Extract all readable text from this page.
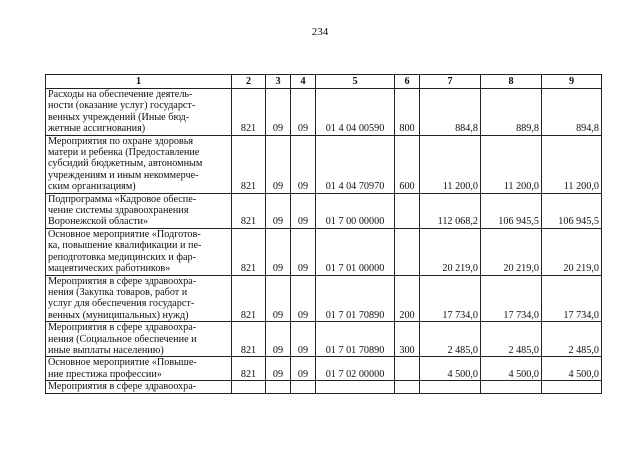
234
1	2	3	4	5	6	7	8	9

Расходы на обеспечение деятель-
ности (оказание услуг) государст-
венных учреждений (Иные бюд-
жетные ассигнования)	821	09	09	01 4 04 00590	800	884,8	889,8	894,8

Мероприятия по охране здоровья
матери и ребенка (Предоставление
субсидий бюджетным, автономным
учреждениям и иным некоммерче-
ским организациям)	821	09	09	01 4 04 70970	600	11 200,0	11 200,0	11 200,0

Подпрограмма «Кадровое обеспе-
чение системы здравоохранения
Воронежской области»	821	09	09	01 7 00 00000		112 068,2	106 945,5	106 945,5

Основное мероприятие «Подготов-
ка, повышение квалификации и пе-
реподготовка медицинских и фар-
мацевтических работников»	821	09	09	01 7 01 00000		20 219,0	20 219,0	20 219,0

Мероприятия в сфере здравоохра-
нения (Закупка товаров, работ и
услуг для обеспечения государст-
венных (муниципальных) нужд)	821	09	09	01 7 01 70890	200	17 734,0	17 734,0	17 734,0

Мероприятия в сфере здравоохра-
нения (Социальное обеспечение и
иные выплаты населению)	821	09	09	01 7 01 70890	300	2 485,0	2 485,0	2 485,0

Основное мероприятие «Повыше-
ние престижа профессии»	821	09	09	01 7 02 00000		4 500,0	4 500,0	4 500,0

Мероприятия в сфере здравоохра-								
